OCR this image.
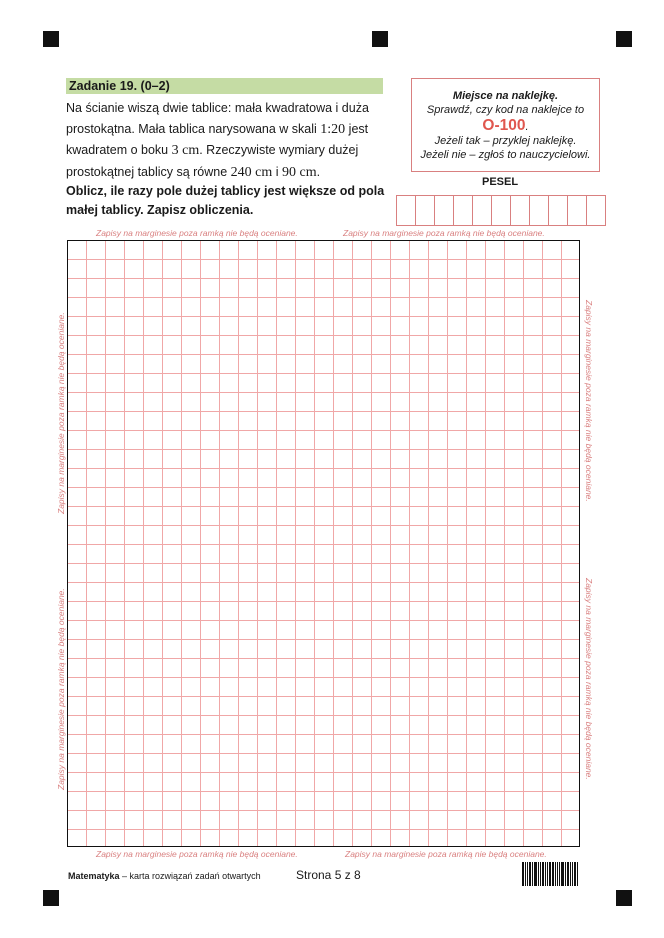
Zadanie 19. (0–2)
Na ścianie wiszą dwie tablice: mała kwadratowa i duża
prostokątna. Mała tablica narysowana w skali 1:20 jest
kwadratem o boku 3 cm. Rzeczywiste wymiary dużej
prostokątnej tablicy są równe 240 cm i 90 cm.
Oblicz, ile razy pole dużej tablicy jest większe od pola
małej tablicy. Zapisz obliczenia.
Miejsce na naklejkę.
Sprawdź, czy kod na naklejce to
O-100.
Jeżeli tak – przyklej naklejkę.
Jeżeli nie – zgłoś to nauczycielowi.
PESEL
Zapisy na marginesie poza ramką nie będą oceniane.	Zapisy na marginesie poza ramką nie będą oceniane.
Zapisy na marginesie poza ramką nie będą oceniane.	Zapisy na marginesie poza ramką nie będą oceniane.
Zapisy na marginesie poza ramką nie będą oceniane.
Zapisy na marginesie poza ramką nie będą oceniane.
Zapisy na marginesie poza ramką nie będą oceniane.
Zapisy na marginesie poza ramką nie będą oceniane.
Matematyka – karta rozwiązań zadań otwartych	Strona 5 z 8
